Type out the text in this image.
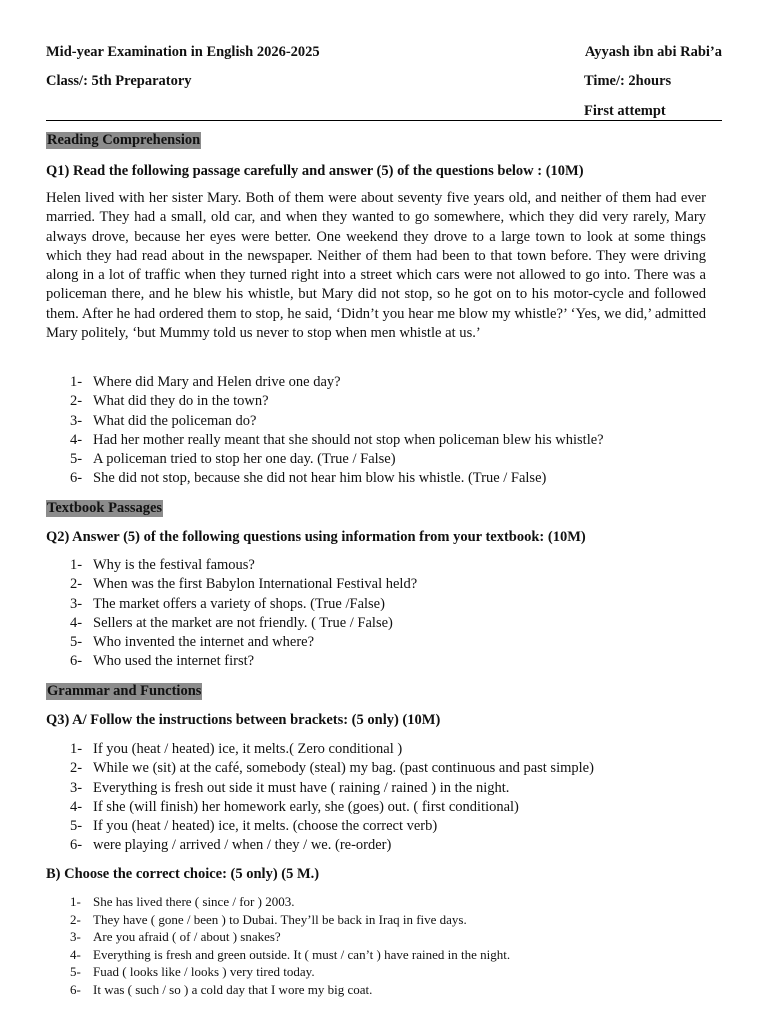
Mid-year Examination in English 2026-2025	Ayyash ibn abi Rabi’a
Class/: 5th Preparatory	Time/: 2hours
First attempt
Reading Comprehension
Q1) Read the following passage carefully and answer (5) of the questions below : (10M)

Helen lived with her sister Mary. Both of them were about seventy five years old, and neither of them had ever married. They had a small, old car, and when they wanted to go somewhere, which they did very rarely, Mary always drove, because her eyes were better. One weekend they drove to a large town to look at some things which they had read about in the newspaper. Neither of them had been to that town before. They were driving along in a lot of traffic when they turned right into a street which cars were not allowed to go into. There was a policeman there, and he blew his whistle, but Mary did not stop, so he got on to his motor-cycle and followed them. After he had ordered them to stop, he said, ‘Didn’t you hear me blow my whistle?’ ‘Yes, we did,’ admitted Mary politely, ‘but Mummy told us never to stop when men whistle at us.’

1- Where did Mary and Helen drive one day?
2- What did they do in the town?
3- What did the policeman do?
4- Had her mother really meant that she should not stop when policeman blew his whistle?
5- A policeman tried to stop her one day. (True / False)
6- She did not stop, because she did not hear him blow his whistle. (True / False)
Textbook Passages
Q2) Answer (5) of the following questions using information from your textbook: (10M)
1- Why is the festival famous?
2- When was the first Babylon International Festival held?
3- The market offers a variety of shops. (True /False)
4- Sellers at the market are not friendly. ( True / False)
5- Who invented the internet and where?
6- Who used the internet first?
Grammar and Functions
Q3) A/ Follow the instructions between brackets: (5 only) (10M)
1- If you (heat / heated) ice, it melts.( Zero conditional )
2- While we (sit) at the café, somebody (steal) my bag. (past continuous and past simple)
3- Everything is fresh out side it must have ( raining / rained ) in the night.
4- If she (will finish) her homework early, she (goes) out. ( first conditional)
5- If you (heat / heated) ice, it melts. (choose the correct verb)
6- were playing / arrived / when / they / we. (re-order)
B) Choose the correct choice: (5 only) (5 M.)
1- She has lived there ( since / for ) 2003.
2- They have ( gone / been ) to Dubai. They’ll be back in Iraq in five days.
3- Are you afraid ( of / about ) snakes?
4- Everything is fresh and green outside. It ( must / can’t ) have rained in the night.
5- Fuad ( looks like / looks ) very tired today.
6- It was ( such / so ) a cold day that I wore my big coat.
